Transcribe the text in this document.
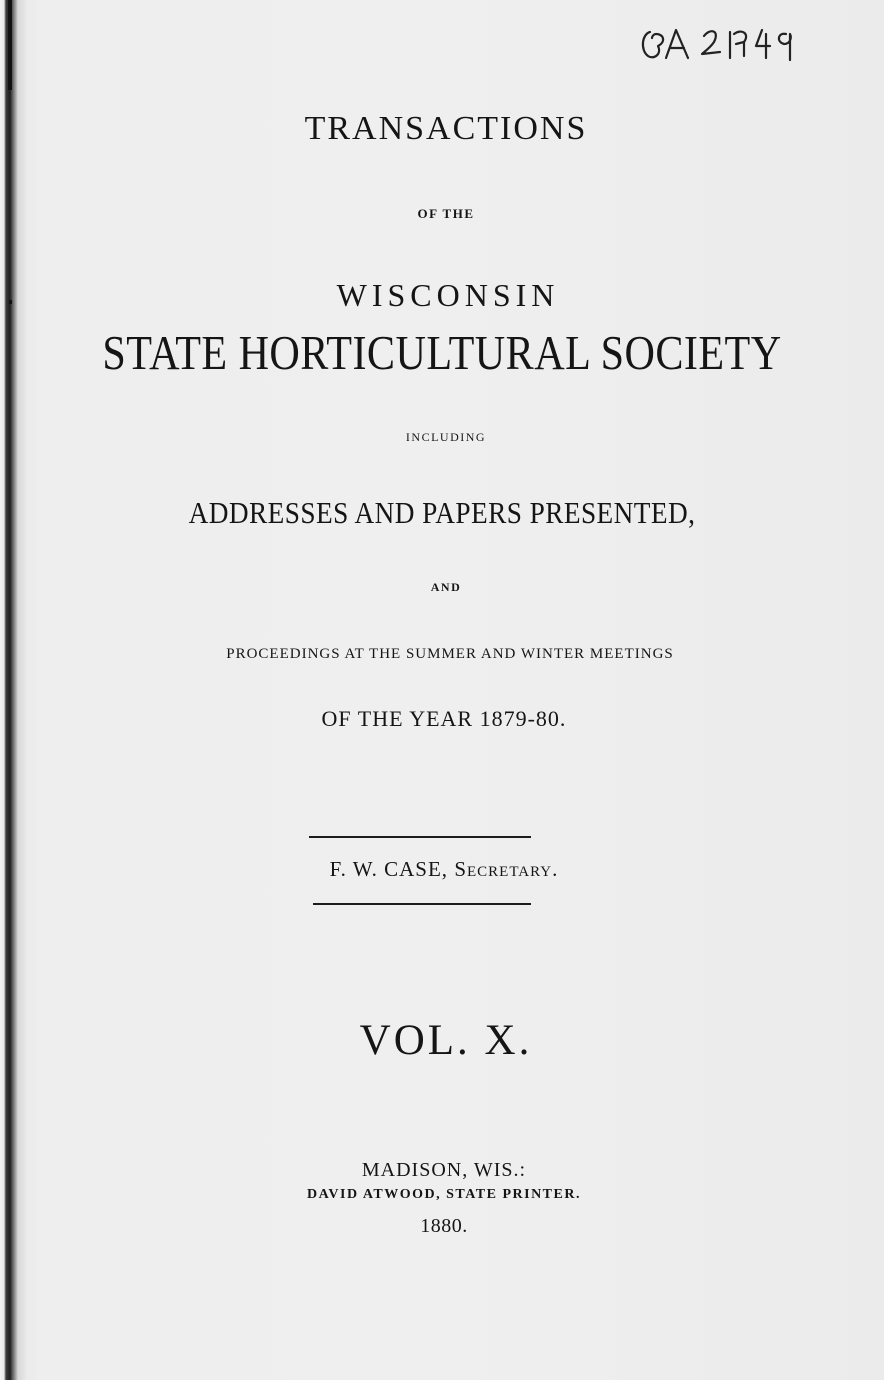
TRANSACTIONS

OF THE

WISCONSIN

STATE HORTICULTURAL SOCIETY

INCLUDING

ADDRESSES AND PAPERS PRESENTED,

AND

PROCEEDINGS AT THE SUMMER AND WINTER MEETINGS

OF THE YEAR 1879-80.

F. W. CASE, Secretary.

VOL. X.

MADISON, WIS.:

DAVID ATWOOD, STATE PRINTER.

1880.
